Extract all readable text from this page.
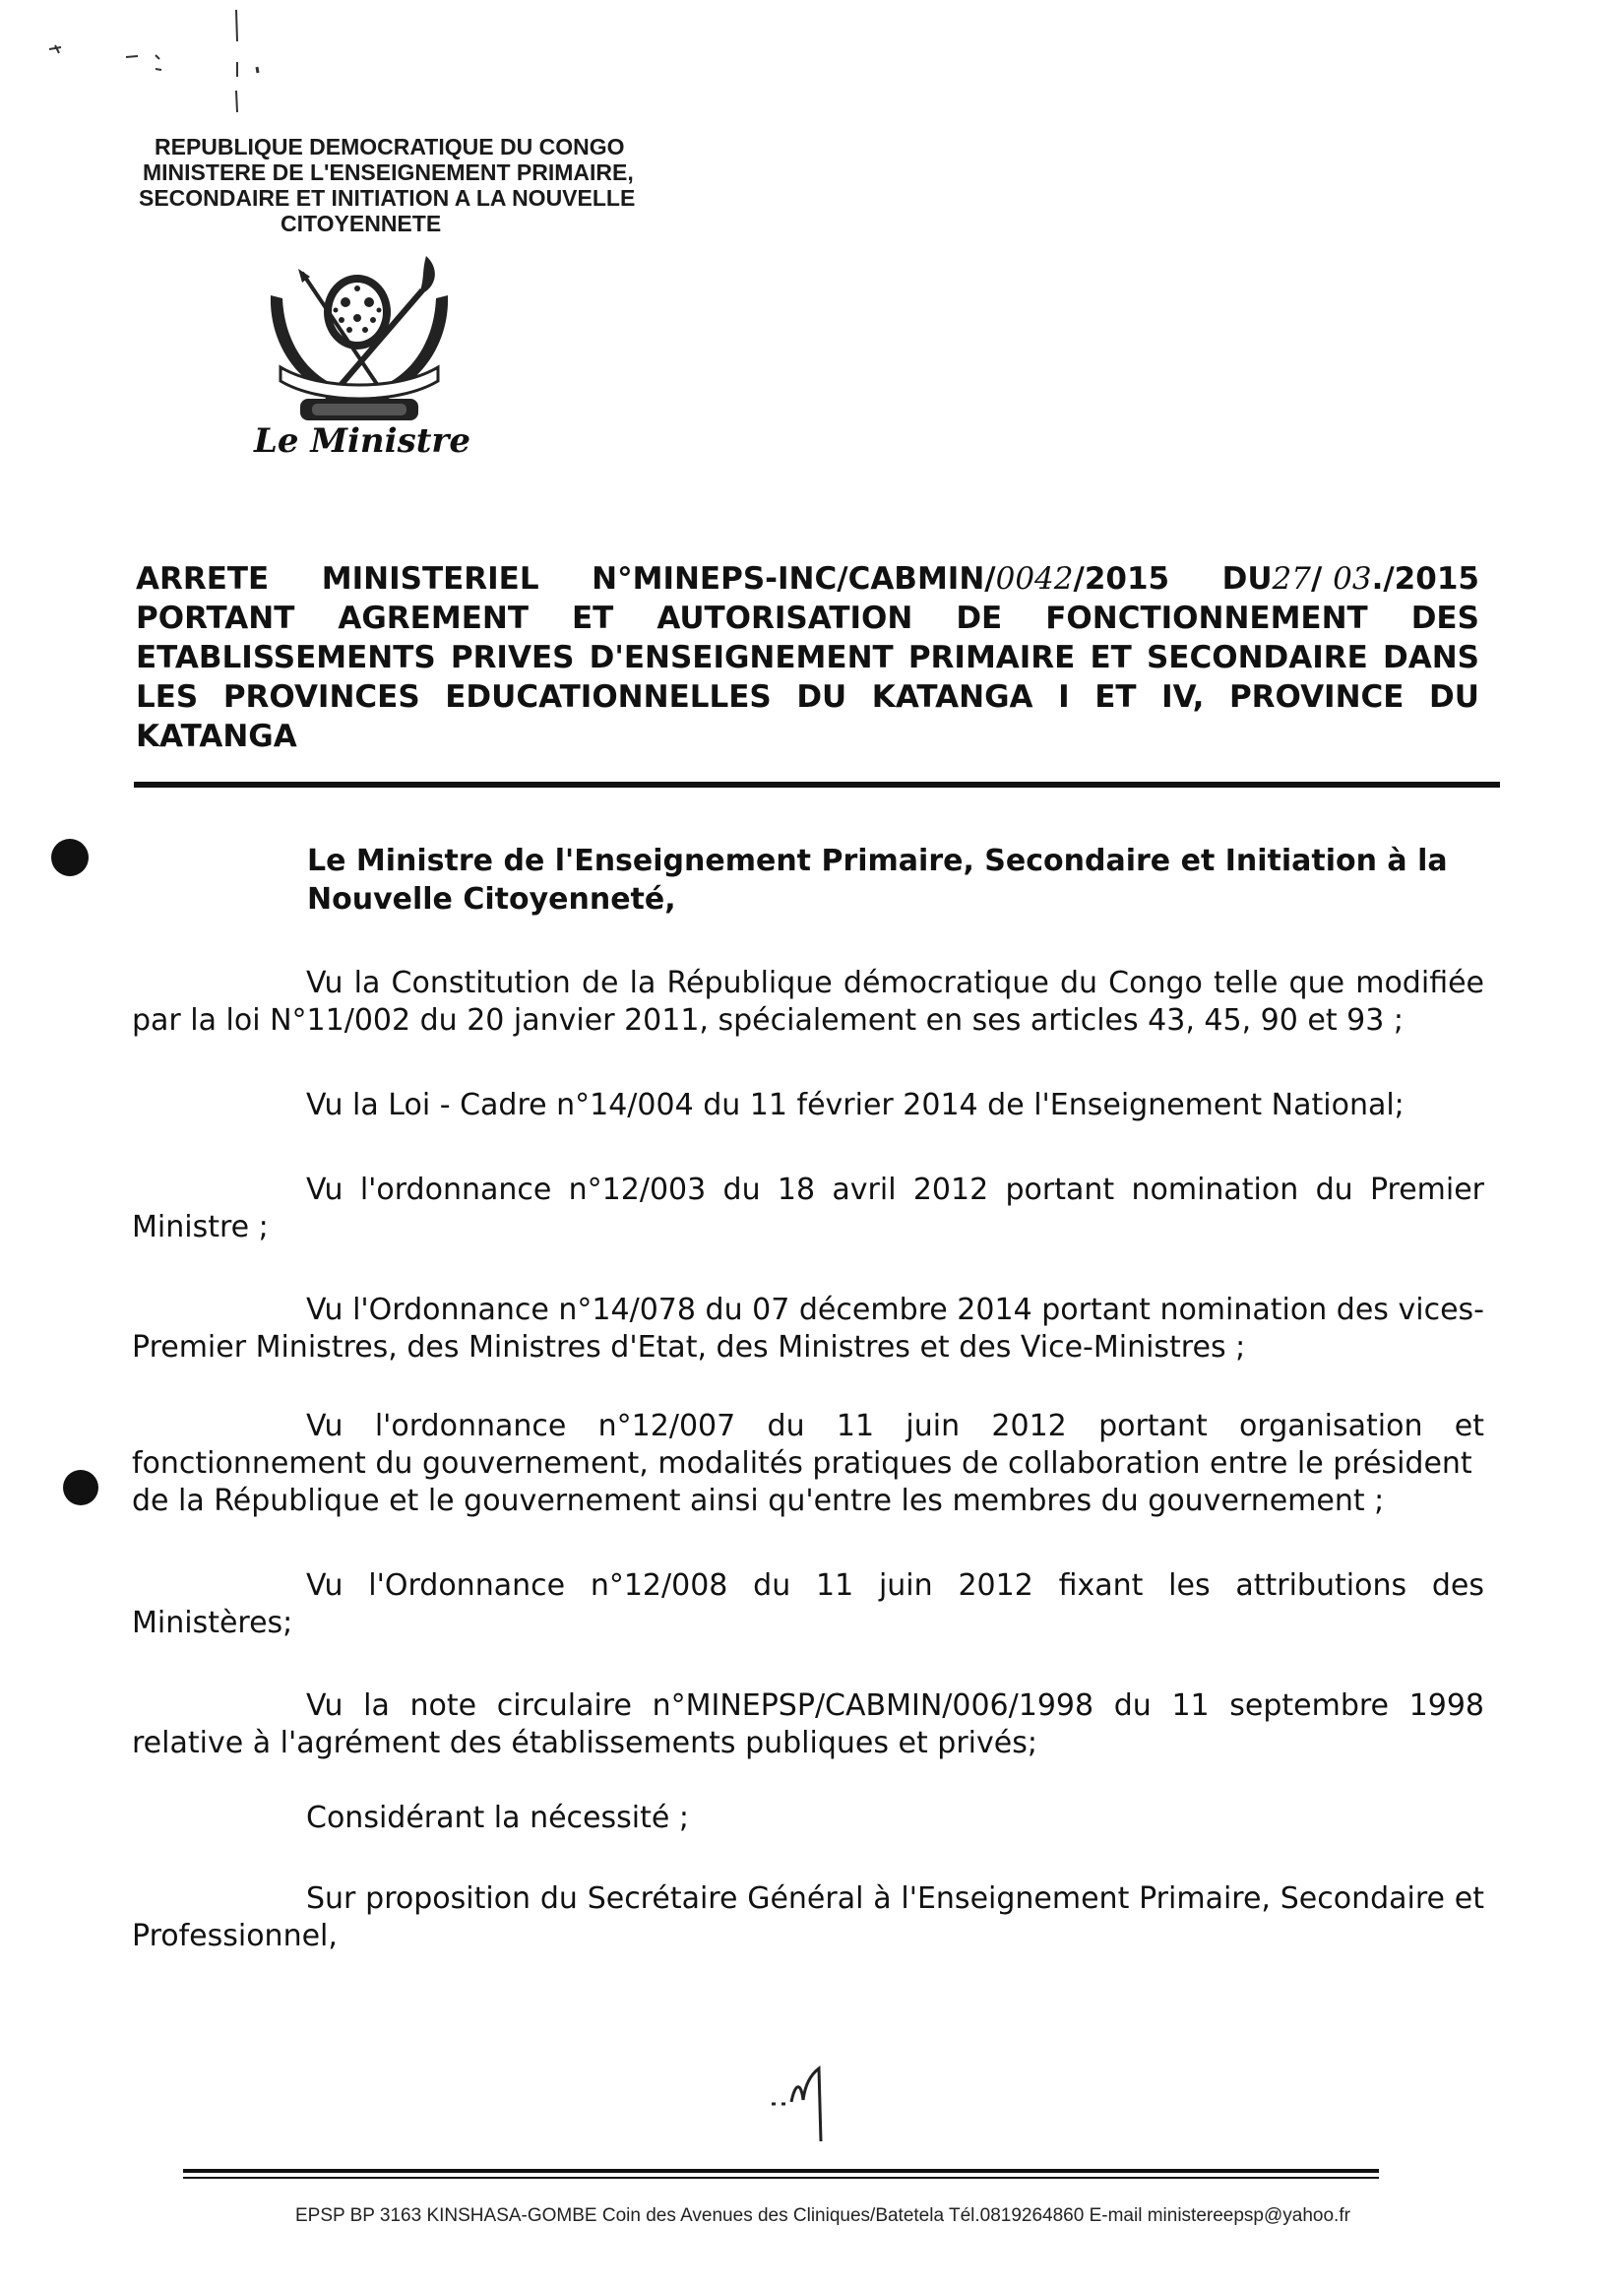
REPUBLIQUE DEMOCRATIQUE DU CONGO
MINISTERE DE L'ENSEIGNEMENT PRIMAIRE,
SECONDAIRE ET INITIATION A LA NOUVELLE
CITOYENNETE
Le Ministre
ARRETE MINISTERIEL N°MINEPS-INC/CABMIN/0042/2015 DU27/ 03./2015
PORTANT AGREMENT ET AUTORISATION DE FONCTIONNEMENT DES
ETABLISSEMENTS PRIVES D'ENSEIGNEMENT PRIMAIRE ET SECONDAIRE DANS
LES PROVINCES EDUCATIONNELLES DU KATANGA I ET IV, PROVINCE DU
KATANGA
Le Ministre de l'Enseignement Primaire, Secondaire et Initiation à la
Nouvelle Citoyenneté,
Vu la Constitution de la République démocratique du Congo telle que modifiée
par la loi N°11/002 du 20 janvier 2011, spécialement en ses articles 43, 45, 90 et 93 ;
Vu la Loi - Cadre n°14/004 du 11 février 2014 de l'Enseignement National;
Vu l'ordonnance n°12/003 du 18 avril 2012 portant nomination du Premier
Ministre ;
Vu l'Ordonnance n°14/078 du 07 décembre 2014 portant nomination des vices-
Premier Ministres, des Ministres d'Etat, des Ministres et des Vice-Ministres ;
Vu l'ordonnance n°12/007 du 11 juin 2012 portant organisation et
fonctionnement du gouvernement, modalités pratiques de collaboration entre le président
de la République et le gouvernement ainsi qu'entre les membres du gouvernement ;
Vu l'Ordonnance n°12/008 du 11 juin 2012 fixant les attributions des
Ministères;
Vu la note circulaire n°MINEPSP/CABMIN/006/1998 du 11 septembre 1998
relative à l'agrément des établissements publiques et privés;
Considérant la nécessité ;
Sur proposition du Secrétaire Général à l'Enseignement Primaire, Secondaire et
Professionnel,
EPSP BP 3163 KINSHASA-GOMBE Coin des Avenues des Cliniques/Batetela Tél.0819264860 E-mail ministereepsp@yahoo.fr
